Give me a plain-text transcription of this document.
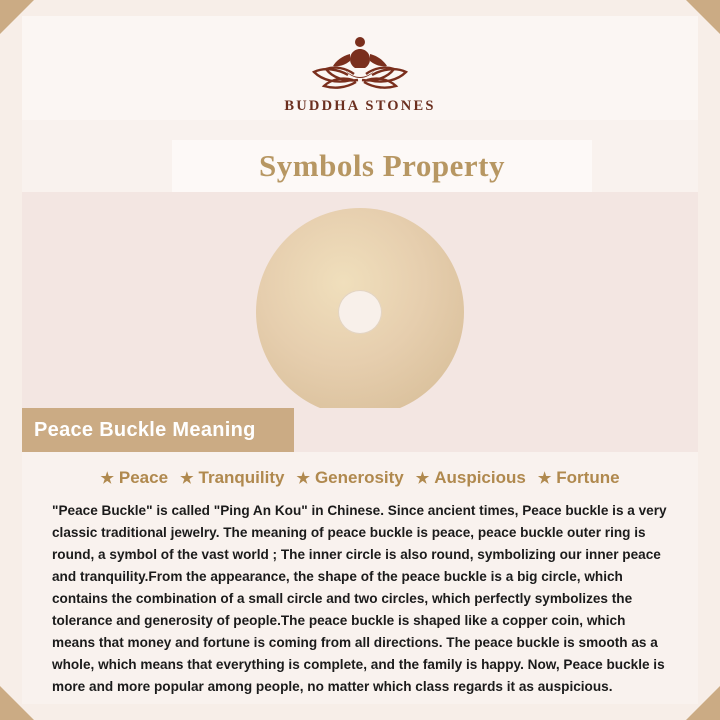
BUDDHA STONES
Symbols Property
Peace Buckle Meaning
★ Peace ★ Tranquility ★ Generosity ★ Auspicious ★ Fortune
"Peace Buckle" is called "Ping An Kou" in Chinese. Since ancient times, Peace buckle is a very classic traditional jewelry. The meaning of peace buckle is peace, peace buckle outer ring is round, a symbol of the vast world ; The inner circle is also round, symbolizing our inner peace and tranquility.From the appearance, the shape of the peace buckle is a big circle, which contains the combination of a small circle and two circles, which perfectly symbolizes the tolerance and generosity of people.The peace buckle is shaped like a copper coin, which means that money and fortune is coming from all directions. The peace buckle is smooth as a whole, which means that everything is complete, and the family is happy. Now, Peace buckle is more and more popular among people, no matter which class regards it as auspicious.
